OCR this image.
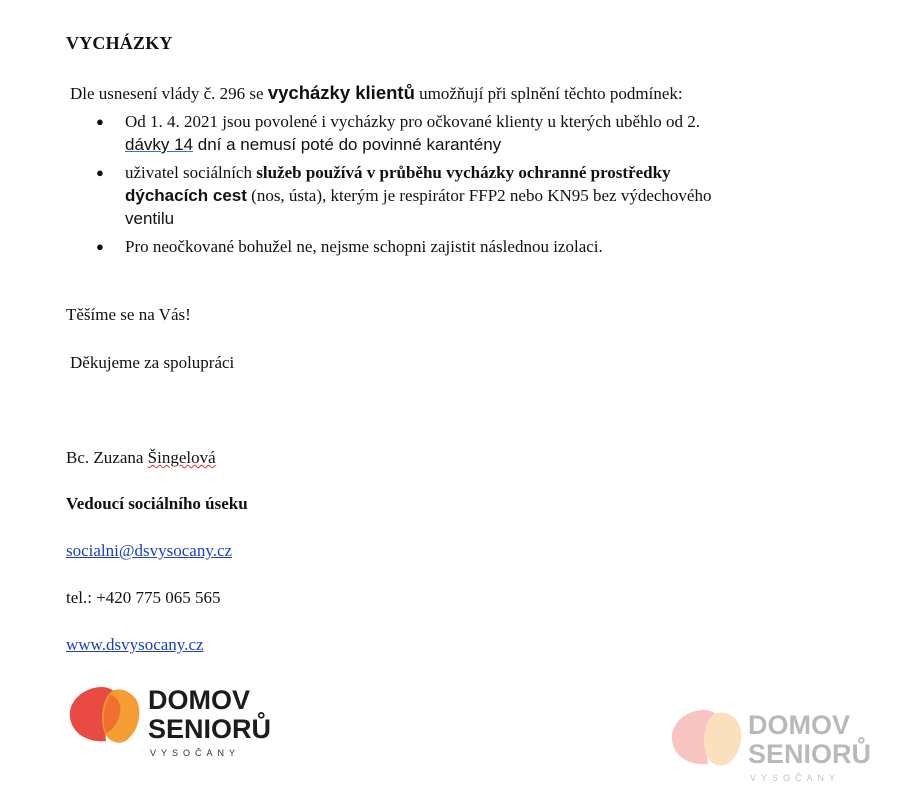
VYCHÁZKY
Dle usnesení vlády č. 296 se vycházky klientů umožňují při splnění těchto podmínek:
● Od 1. 4. 2021 jsou povolené i vycházky pro očkované klienty u kterých uběhlo od 2.
dávky 14 dní a nemusí poté do povinné karantény
● uživatel sociálních služeb používá v průběhu vycházky ochranné prostředky
dýchacích cest (nos, ústa), kterým je respirátor FFP2 nebo KN95 bez výdechového
ventilu
● Pro neočkované bohužel ne, nejsme schopni zajistit následnou izolaci.
Těšíme se na Vás!
Děkujeme za spolupráci
Bc. Zuzana Šingelová
Vedoucí sociálního úseku
socialni@dsvysocany.cz
tel.: +420 775 065 565
www.dsvysocany.cz
DOMOV
SENIORŮ
VYSOČANY
DOMOV
SENIORŮ
VYSOČANY
